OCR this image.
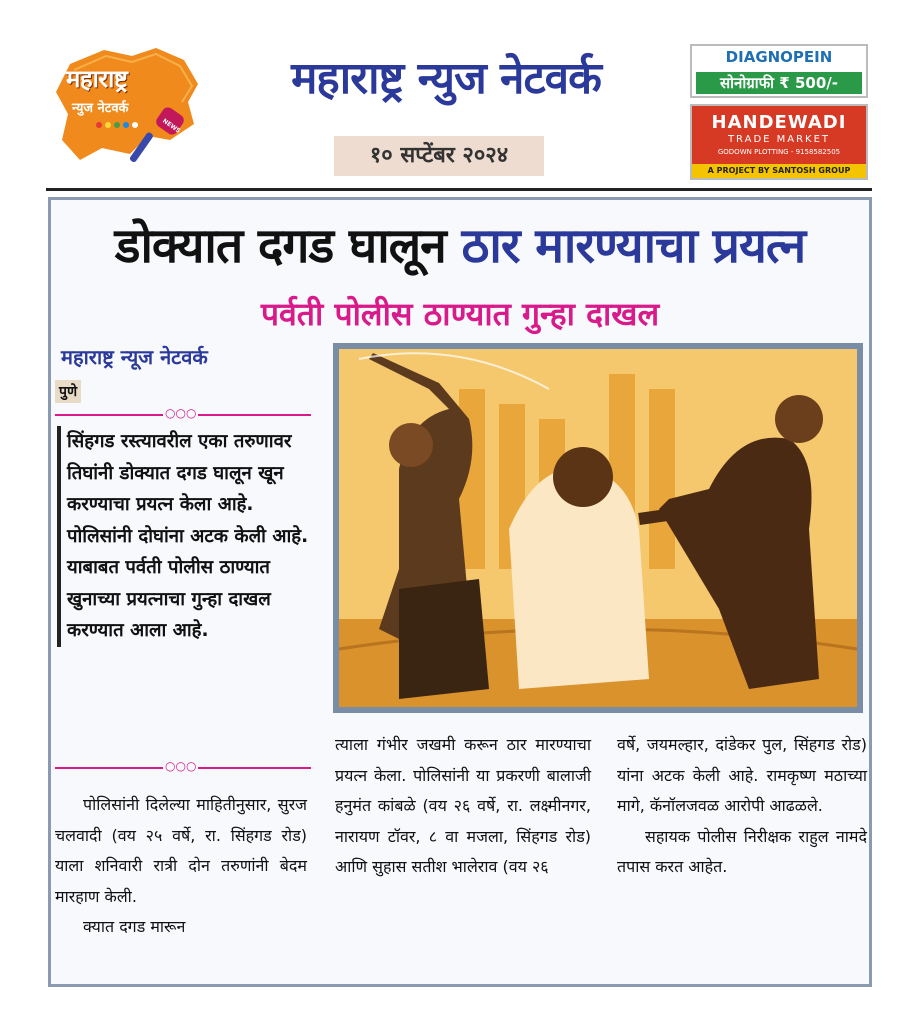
महाराष्ट्र
न्युज नेटवर्क
NEWS
महाराष्ट्र न्युज नेटवर्क
१० सप्टेंबर २०२४
DIAGNOPEIN
सोनोग्राफी ₹ 500/-
HANDEWADI
TRADE MARKET
GODOWN PLOTTING - 9158582505
A PROJECT BY SANTOSH GROUP
डोक्यात दगड घालून ठार मारण्याचा प्रयत्न
पर्वती पोलीस ठाण्यात गुन्हा दाखल
महाराष्ट्र न्यूज नेटवर्क
पुणे
○○○
सिंहगड रस्त्यावरील एका तरुणावर तिघांनी डोक्यात दगड घालून खून करण्याचा प्रयत्न केला आहे. पोलिसांनी दोघांना अटक केली आहे. याबाबत पर्वती पोलीस ठाण्यात खुनाच्या प्रयत्नाचा गुन्हा दाखल करण्यात आला आहे.
○○○
पोलिसांनी दिलेल्या माहितीनुसार, सुरज चलवादी (वय २५ वर्षे, रा. सिंहगड रोड) याला शनिवारी रात्री दोन तरुणांनी बेदम मारहाण केली.
क्यात दगड मारून
त्याला गंभीर जखमी करून ठार मारण्याचा प्रयत्न केला. पोलिसांनी या प्रकरणी बालाजी हनुमंत कांबळे (वय २६ वर्षे, रा. लक्ष्मीनगर, नारायण टॉवर, ८ वा मजला, सिंहगड रोड) आणि सुहास सतीश भालेराव (वय २६
वर्षे, जयमल्हार, दांडेकर पुल, सिंहगड रोड) यांना अटक केली आहे. रामकृष्ण मठाच्या मागे, कॅनॉलजवळ आरोपी आढळले.
सहायक पोलीस निरीक्षक राहुल नामदे तपास करत आहेत.
